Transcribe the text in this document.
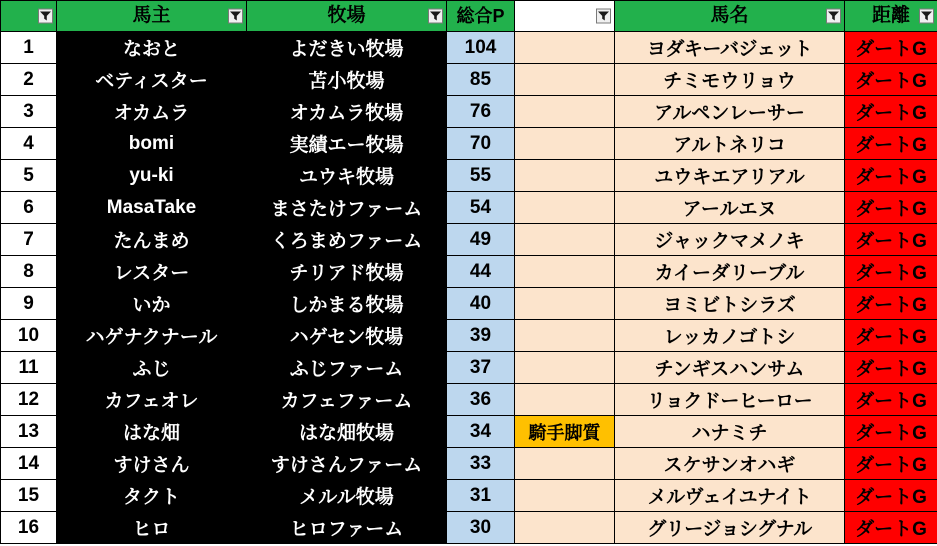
	馬主	牧場	総合P		馬名	距離

1	なおと	よだきい牧場	104		ヨダキーバジェット	ダートG
2	ベティスター	苫小牧場	85		チミモウリョウ	ダートG
3	オカムラ	オカムラ牧場	76		アルペンレーサー	ダートG
4	bomi	実績エー牧場	70		アルトネリコ	ダートG
5	yu-ki	ユウキ牧場	55		ユウキエアリアル	ダートG
6	MasaTake	まさたけファーム	54		アールエヌ	ダートG
7	たんまめ	くろまめファーム	49		ジャックマメノキ	ダートG
8	レスター	チリアド牧場	44		カイーダリーブル	ダートG
9	いか	しかまる牧場	40		ヨミビトシラズ	ダートG
10	ハゲナクナール	ハゲセン牧場	39		レッカノゴトシ	ダートG
11	ふじ	ふじファーム	37		チンギスハンサム	ダートG
12	カフェオレ	カフェファーム	36		リョクドーヒーロー	ダートG
13	はな畑	はな畑牧場	34	騎手脚質	ハナミチ	ダートG
14	すけさん	すけさんファーム	33		スケサンオハギ	ダートG
15	タクト	メルル牧場	31		メルヴェイユナイト	ダートG
16	ヒロ	ヒロファーム	30		グリージョシグナル	ダートG
